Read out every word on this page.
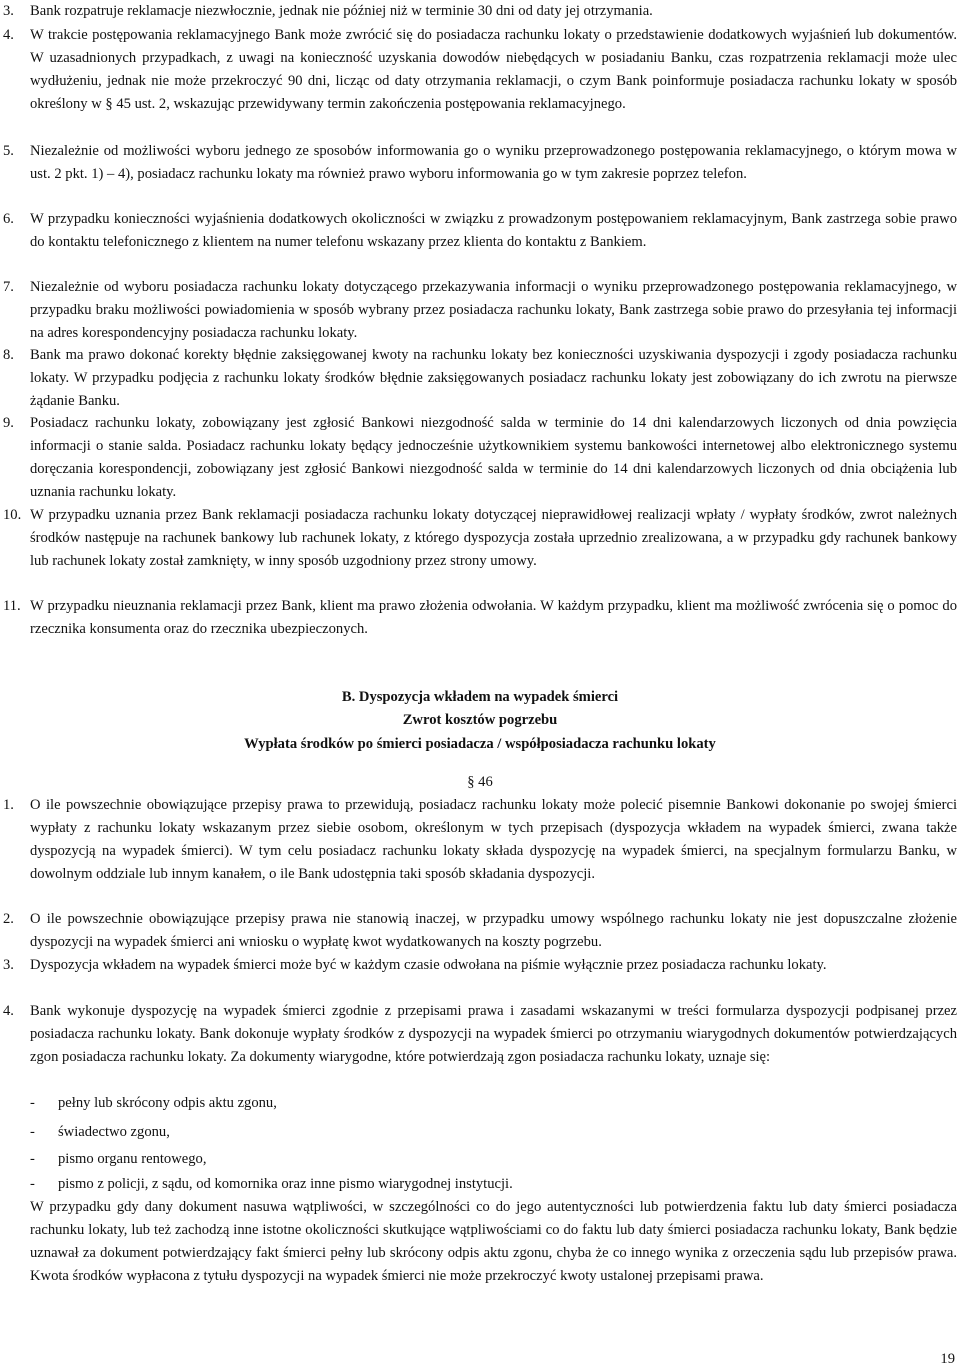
3. Bank rozpatruje reklamacje niezwłocznie, jednak nie później niż w terminie 30 dni od daty jej otrzymania.
4. W trakcie postępowania reklamacyjnego Bank może zwrócić się do posiadacza rachunku lokaty o przedstawienie dodatkowych wyjaśnień lub dokumentów. W uzasadnionych przypadkach, z uwagi na konieczność uzyskania dowodów niebędących w posiadaniu Banku, czas rozpatrzenia reklamacji może ulec wydłużeniu, jednak nie może przekroczyć 90 dni, licząc od daty otrzymania reklamacji, o czym Bank poinformuje posiadacza rachunku lokaty w sposób określony w § 45 ust. 2, wskazując przewidywany termin zakończenia postępowania reklamacyjnego.
5. Niezależnie od możliwości wyboru jednego ze sposobów informowania go o wyniku przeprowadzonego postępowania reklamacyjnego, o którym mowa w ust. 2 pkt. 1) – 4), posiadacz rachunku lokaty ma również prawo wyboru informowania go w tym zakresie poprzez telefon.
6. W przypadku konieczności wyjaśnienia dodatkowych okoliczności w związku z prowadzonym postępowaniem reklamacyjnym, Bank zastrzega sobie prawo do kontaktu telefonicznego z klientem na numer telefonu wskazany przez klienta do kontaktu z Bankiem.
7. Niezależnie od wyboru posiadacza rachunku lokaty dotyczącego przekazywania informacji o wyniku przeprowadzonego postępowania reklamacyjnego, w przypadku braku możliwości powiadomienia w sposób wybrany przez posiadacza rachunku lokaty, Bank zastrzega sobie prawo do przesyłania tej informacji na adres korespondencyjny posiadacza rachunku lokaty.
8. Bank ma prawo dokonać korekty błędnie zaksięgowanej kwoty na rachunku lokaty bez konieczności uzyskiwania dyspozycji i zgody posiadacza rachunku lokaty. W przypadku podjęcia z rachunku lokaty środków błędnie zaksięgowanych posiadacz rachunku lokaty jest zobowiązany do ich zwrotu na pierwsze żądanie Banku.
9. Posiadacz rachunku lokaty, zobowiązany jest zgłosić Bankowi niezgodność salda w terminie do 14 dni kalendarzowych liczonych od dnia powzięcia informacji o stanie salda. Posiadacz rachunku lokaty będący jednocześnie użytkownikiem systemu bankowości internetowej albo elektronicznego systemu doręczania korespondencji, zobowiązany jest zgłosić Bankowi niezgodność salda w terminie do 14 dni kalendarzowych liczonych od dnia obciążenia lub uznania rachunku lokaty.
10. W przypadku uznania przez Bank reklamacji posiadacza rachunku lokaty dotyczącej nieprawidłowej realizacji wpłaty / wypłaty środków, zwrot należnych środków następuje na rachunek bankowy lub rachunek lokaty, z którego dyspozycja została uprzednio zrealizowana, a w przypadku gdy rachunek bankowy lub rachunek lokaty został zamknięty, w inny sposób uzgodniony przez strony umowy.
11. W przypadku nieuznania reklamacji przez Bank, klient ma prawo złożenia odwołania. W każdym przypadku, klient ma możliwość zwrócenia się o pomoc do rzecznika konsumenta oraz do rzecznika ubezpieczonych.
B. Dyspozycja wkładem na wypadek śmierci
Zwrot kosztów pogrzebu
Wypłata środków po śmierci posiadacza / współposiadacza rachunku lokaty
§ 46
1. O ile powszechnie obowiązujące przepisy prawa to przewidują, posiadacz rachunku lokaty może polecić pisemnie Bankowi dokonanie po swojej śmierci wypłaty z rachunku lokaty wskazanym przez siebie osobom, określonym w tych przepisach (dyspozycja wkładem na wypadek śmierci, zwana także dyspozycją na wypadek śmierci). W tym celu posiadacz rachunku lokaty składa dyspozycję na wypadek śmierci, na specjalnym formularzu Banku, w dowolnym oddziale lub innym kanałem, o ile Bank udostępnia taki sposób składania dyspozycji.
2. O ile powszechnie obowiązujące przepisy prawa nie stanowią inaczej, w przypadku umowy wspólnego rachunku lokaty nie jest dopuszczalne złożenie dyspozycji na wypadek śmierci ani wniosku o wypłatę kwot wydatkowanych na koszty pogrzebu.
3. Dyspozycja wkładem na wypadek śmierci może być w każdym czasie odwołana na piśmie wyłącznie przez posiadacza rachunku lokaty.
4. Bank wykonuje dyspozycję na wypadek śmierci zgodnie z przepisami prawa i zasadami wskazanymi w treści formularza dyspozycji podpisanej przez posiadacza rachunku lokaty. Bank dokonuje wypłaty środków z dyspozycji na wypadek śmierci po otrzymaniu wiarygodnych dokumentów potwierdzających zgon posiadacza rachunku lokaty. Za dokumenty wiarygodne, które potwierdzają zgon posiadacza rachunku lokaty, uznaje się:
- pełny lub skrócony odpis aktu zgonu,
- świadectwo zgonu,
- pismo organu rentowego,
- pismo z policji, z sądu, od komornika oraz inne pismo wiarygodnej instytucji.
W przypadku gdy dany dokument nasuwa wątpliwości, w szczególności co do jego autentyczności lub potwierdzenia faktu lub daty śmierci posiadacza rachunku lokaty, lub też zachodzą inne istotne okoliczności skutkujące wątpliwościami co do faktu lub daty śmierci posiadacza rachunku lokaty, Bank będzie uznawał za dokument potwierdzający fakt śmierci pełny lub skrócony odpis aktu zgonu, chyba że co innego wynika z orzeczenia sądu lub przepisów prawa. Kwota środków wypłacona z tytułu dyspozycji na wypadek śmierci nie może przekroczyć kwoty ustalonej przepisami prawa.
19
